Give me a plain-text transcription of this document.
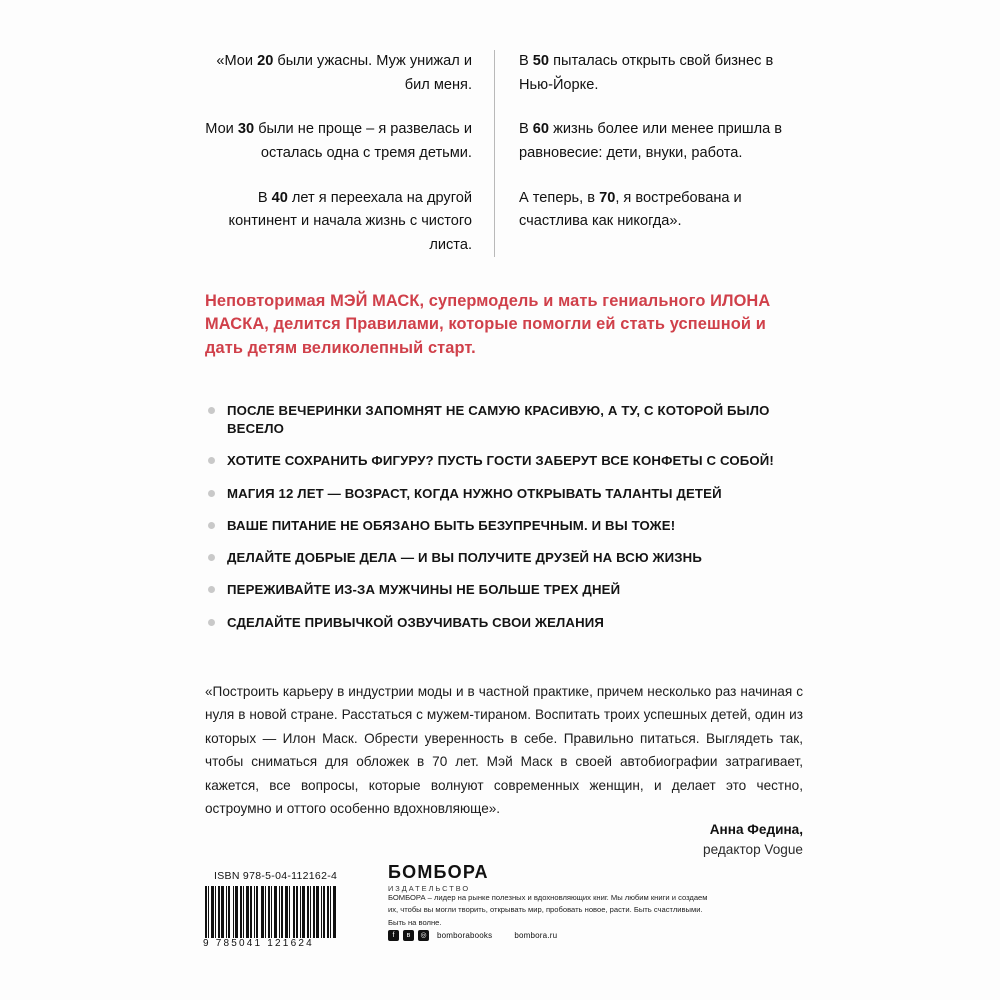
«Мои 20 были ужасны. Муж унижал и бил меня.
Мои 30 были не проще – я развелась и осталась одна с тремя детьми.
В 40 лет я переехала на другой континент и начала жизнь с чистого листа.
В 50 пыталась открыть свой бизнес в Нью-Йорке.
В 60 жизнь более или менее пришла в равновесие: дети, внуки, работа.
А теперь, в 70, я востребована и счастлива как никогда».
Неповторимая МЭЙ МАСК, супермодель и мать гениального ИЛОНА МАСКА, делится Правилами, которые помогли ей стать успешной и дать детям великолепный старт.
ПОСЛЕ ВЕЧЕРИНКИ ЗАПОМНЯТ НЕ САМУЮ КРАСИВУЮ, А ТУ, С КОТОРОЙ БЫЛО ВЕСЕЛО
ХОТИТЕ СОХРАНИТЬ ФИГУРУ? ПУСТЬ ГОСТИ ЗАБЕРУТ ВСЕ КОНФЕТЫ С СОБОЙ!
МАГИЯ 12 ЛЕТ — ВОЗРАСТ, КОГДА НУЖНО ОТКРЫВАТЬ ТАЛАНТЫ ДЕТЕЙ
ВАШЕ ПИТАНИЕ НЕ ОБЯЗАНО БЫТЬ БЕЗУПРЕЧНЫМ. И ВЫ ТОЖЕ!
ДЕЛАЙТЕ ДОБРЫЕ ДЕЛА — И ВЫ ПОЛУЧИТЕ ДРУЗЕЙ НА ВСЮ ЖИЗНЬ
ПЕРЕЖИВАЙТЕ ИЗ-ЗА МУЖЧИНЫ НЕ БОЛЬШЕ ТРЕХ ДНЕЙ
СДЕЛАЙТЕ ПРИВЫЧКОЙ ОЗВУЧИВАТЬ СВОИ ЖЕЛАНИЯ
«Построить карьеру в индустрии моды и в частной практике, причем несколько раз начиная с нуля в новой стране. Расстаться с мужем-тираном. Воспитать троих успешных детей, один из которых — Илон Маск. Обрести уверенность в себе. Правильно питаться. Выглядеть так, чтобы сниматься для обложек в 70 лет. Мэй Маск в своей автобиографии затрагивает, кажется, все вопросы, которые волнуют современных женщин, и делает это честно, остроумно и оттого особенно вдохновляюще».
Анна Федина,
редактор Vogue
ISBN 978-5-04-112162-4
9 785041 121624
БОМБОРА
ИЗДАТЕЛЬСТВО
БОМБОРА – лидер на рынке полезных и вдохновляющих книг. Мы любим книги и создаем их, чтобы вы могли творить, открывать мир, пробовать новое, расти. Быть счастливыми. Быть на волне.
f	в	◎	bomborabooks	bombora.ru
